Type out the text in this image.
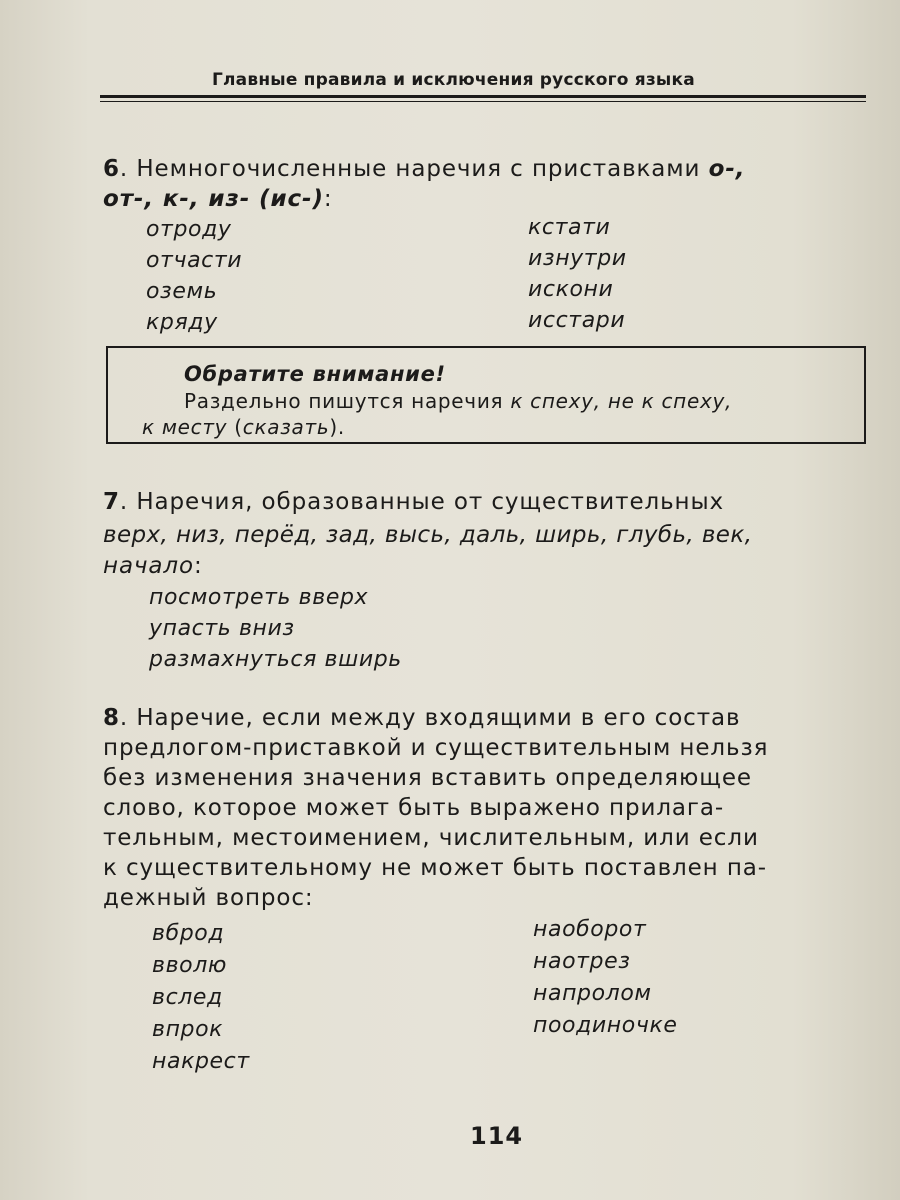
Главные правила и исключения русского языка
6. Немногочисленные наречия с приставками о-,
от-, к-, из- (ис-):
отроду
отчасти
оземь
кряду
кстати
изнутри
искони
исстари
Обратите внимание!
Раздельно пишутся наречия к спеху, не к спеху,
к месту (сказать).
7. Наречия, образованные от существительных
верх, низ, перёд, зад, высь, даль, ширь, глубь, век,
начало:
посмотреть вверх
упасть вниз
размахнуться вширь
8. Наречие, если между входящими в его состав
предлогом-приставкой и существительным нельзя
без изменения значения вставить определяющее
слово, которое может быть выражено прилага-
тельным, местоимением, числительным, или если
к существительному не может быть поставлен па-
дежный вопрос:
вброд
вволю
вслед
впрок
накрест
наоборот
наотрез
напролом
поодиночке
114
